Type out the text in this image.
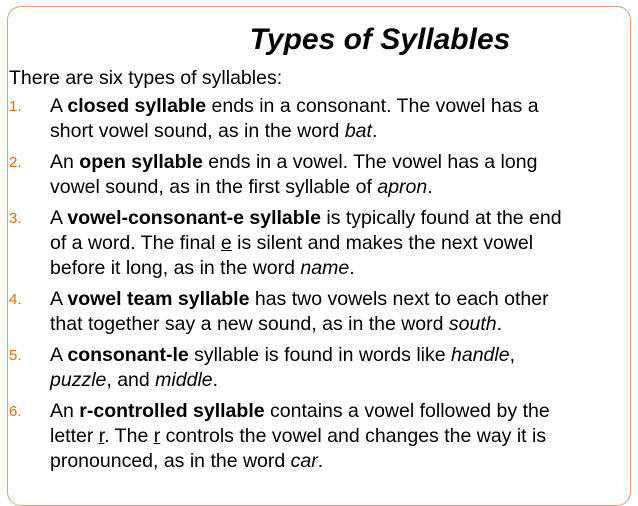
Types of Syllables
There are six types of syllables:
1. A closed syllable ends in a consonant. The vowel has a
short vowel sound, as in the word bat.
2. An open syllable ends in a vowel. The vowel has a long
vowel sound, as in the first syllable of apron.
3. A vowel-consonant-e syllable is typically found at the end
of a word. The final e is silent and makes the next vowel
before it long, as in the word name.
4. A vowel team syllable has two vowels next to each other
that together say a new sound, as in the word south.
5. A consonant-le syllable is found in words like handle,
puzzle, and middle.
6. An r-controlled syllable contains a vowel followed by the
letter r. The r controls the vowel and changes the way it is
pronounced, as in the word car.
